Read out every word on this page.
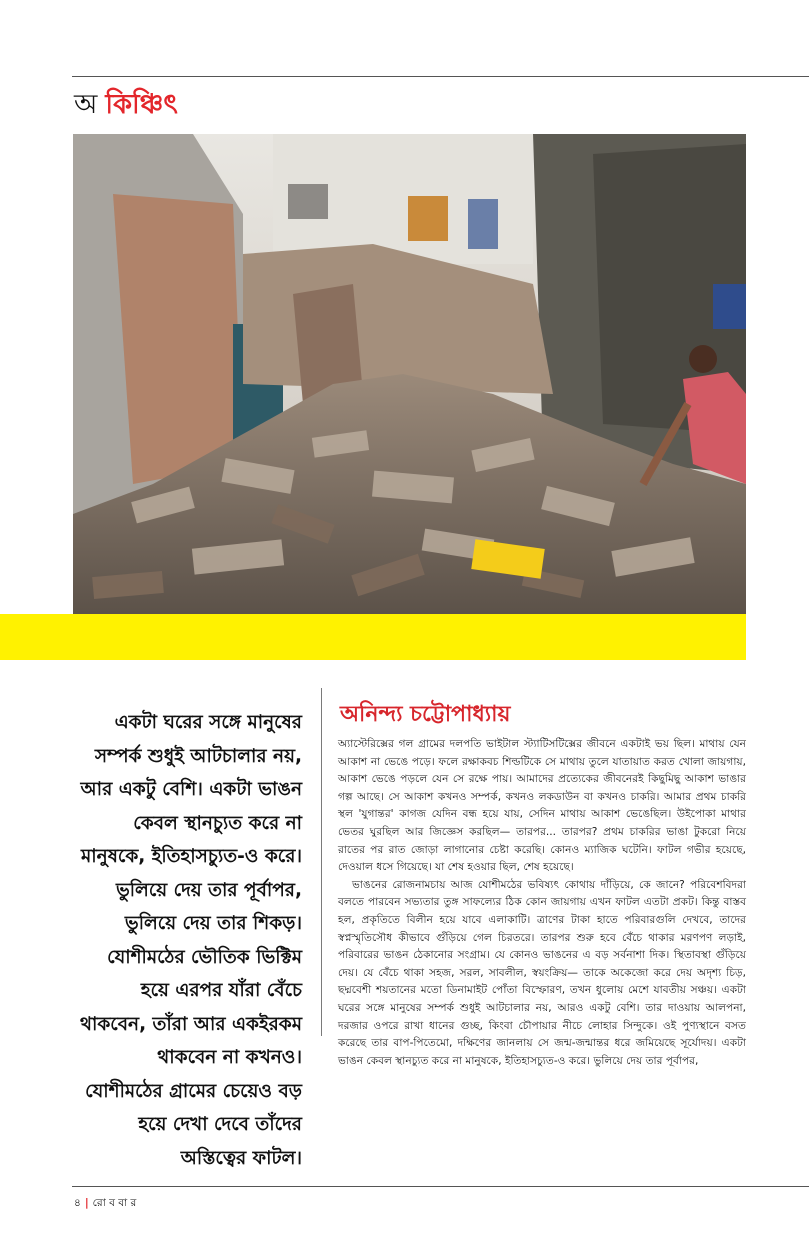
অ কিঞ্চিৎ
একটা ঘরের সঙ্গে মানুষের সম্পর্ক শুধুই আটচালার নয়, আর একটু বেশি। একটা ভাঙন কেবল স্থানচ্যুত করে না মানুষকে, ইতিহাসচ্যুত-ও করে। ভুলিয়ে দেয় তার পূর্বাপর, ভুলিয়ে দেয় তার শিকড়। যোশীমঠের ভৌতিক ভিক্টিম হয়ে এরপর যাঁরা বেঁচে থাকবেন, তাঁরা আর একইরকম থাকবেন না কখনও। যোশীমঠের গ্রামের চেয়েও বড় হয়ে দেখা দেবে তাঁদের অস্তিত্বের ফাটল।
অনিন্দ্য চট্টোপাধ্যায়

অ্যাস্টেরিক্সের গল গ্রামের দলপতি ভাইটাল স্ট্যাটিসটিক্সের জীবনে একটাই ভয় ছিল। মাথায় যেন আকাশ না ভেঙে পড়ে। ফলে রক্ষাকবচ শিল্ডটিকে সে মাথায় তুলে যাতায়াত করত খোলা জায়গায়, আকাশ ভেঙে পড়লে যেন সে রক্ষে পায়। আমাদের প্রত্যেকের জীবনেরই কিছুমিছু আকাশ ভাঙার গল্প আছে। সে আকাশ কখনও সম্পর্ক, কখনও লকডাউন বা কখনও চাকরি। আমার প্রথম চাকরি স্থল 'যুগান্তর' কাগজ যেদিন বন্ধ হয়ে যায়, সেদিন মাথায় আকাশ ভেঙেছিল। উইপোকা মাথার ভেতর ঘুরছিল আর জিজ্ঞেস করছিল— তারপর... তারপর? প্রথম চাকরির ভাঙা টুকরো নিয়ে রাতের পর রাত জোড়া লাগানোর চেষ্টা করেছি। কোনও ম্যাজিক ঘটেনি। ফাটল গভীর হয়েছে, দেওয়াল ধসে গিয়েছে। যা শেষ হওয়ার ছিল, শেষ হয়েছে।

ভাঙনের রোজনামচায় আজ যোশীমঠের ভবিষ্যৎ কোথায় দাঁড়িয়ে, কে জানে? পরিবেশবিদরা বলতে পারবেন সভ্যতার তুঙ্গ সাফল্যের ঠিক কোন জায়গায় এখন ফাটল এতটা প্রকট। কিন্তু বাস্তব হল, প্রকৃতিতে বিলীন হয়ে যাবে এলাকাটি। ত্রাণের টাকা হাতে পরিবারগুলি দেখবে, তাদের স্বপ্নস্মৃতিসৌধ কীভাবে গুঁড়িয়ে গেল চিরতরে। তারপর শুরু হবে বেঁচে থাকার মরণপণ লড়াই, পরিবারের ভাঙন ঠেকানোর সংগ্রাম। যে কোনও ভাঙনের এ বড় সর্বনাশা দিক। স্থিতাবস্থা গুঁড়িয়ে দেয়। যে বেঁচে থাকা সহজ, সরল, সাবলীল, স্বয়ংক্রিয়— তাকে অকেজো করে দেয় অদৃশ্য চিড়, ছদ্মবেশী শয়তানের মতো ডিনামাইট পোঁতা বিস্ফোরণ, তখন ধুলোয় মেশে যাবতীয় সঞ্চয়। একটা ঘরের সঙ্গে মানুষের সম্পর্ক শুধুই আটচালার নয়, আরও একটু বেশি। তার দাওয়ায় আলপনা, দরজার ওপরে রাখা ধানের গুচ্ছ, কিংবা চৌপায়ার নীচে লোহার সিন্দুকে। ওই পুণ্যস্থানে বসত করেছে তার বাপ-পিতেমো, দক্ষিণের জানলায় সে জন্ম-জন্মান্তর ধরে জমিয়েছে সূর্যোদয়। একটা ভাঙন কেবল স্থানচ্যুত করে না মানুষকে, ইতিহাসচ্যুত-ও করে। ভুলিয়ে দেয় তার পূর্বাপর,

৪ | রো ব বা র
